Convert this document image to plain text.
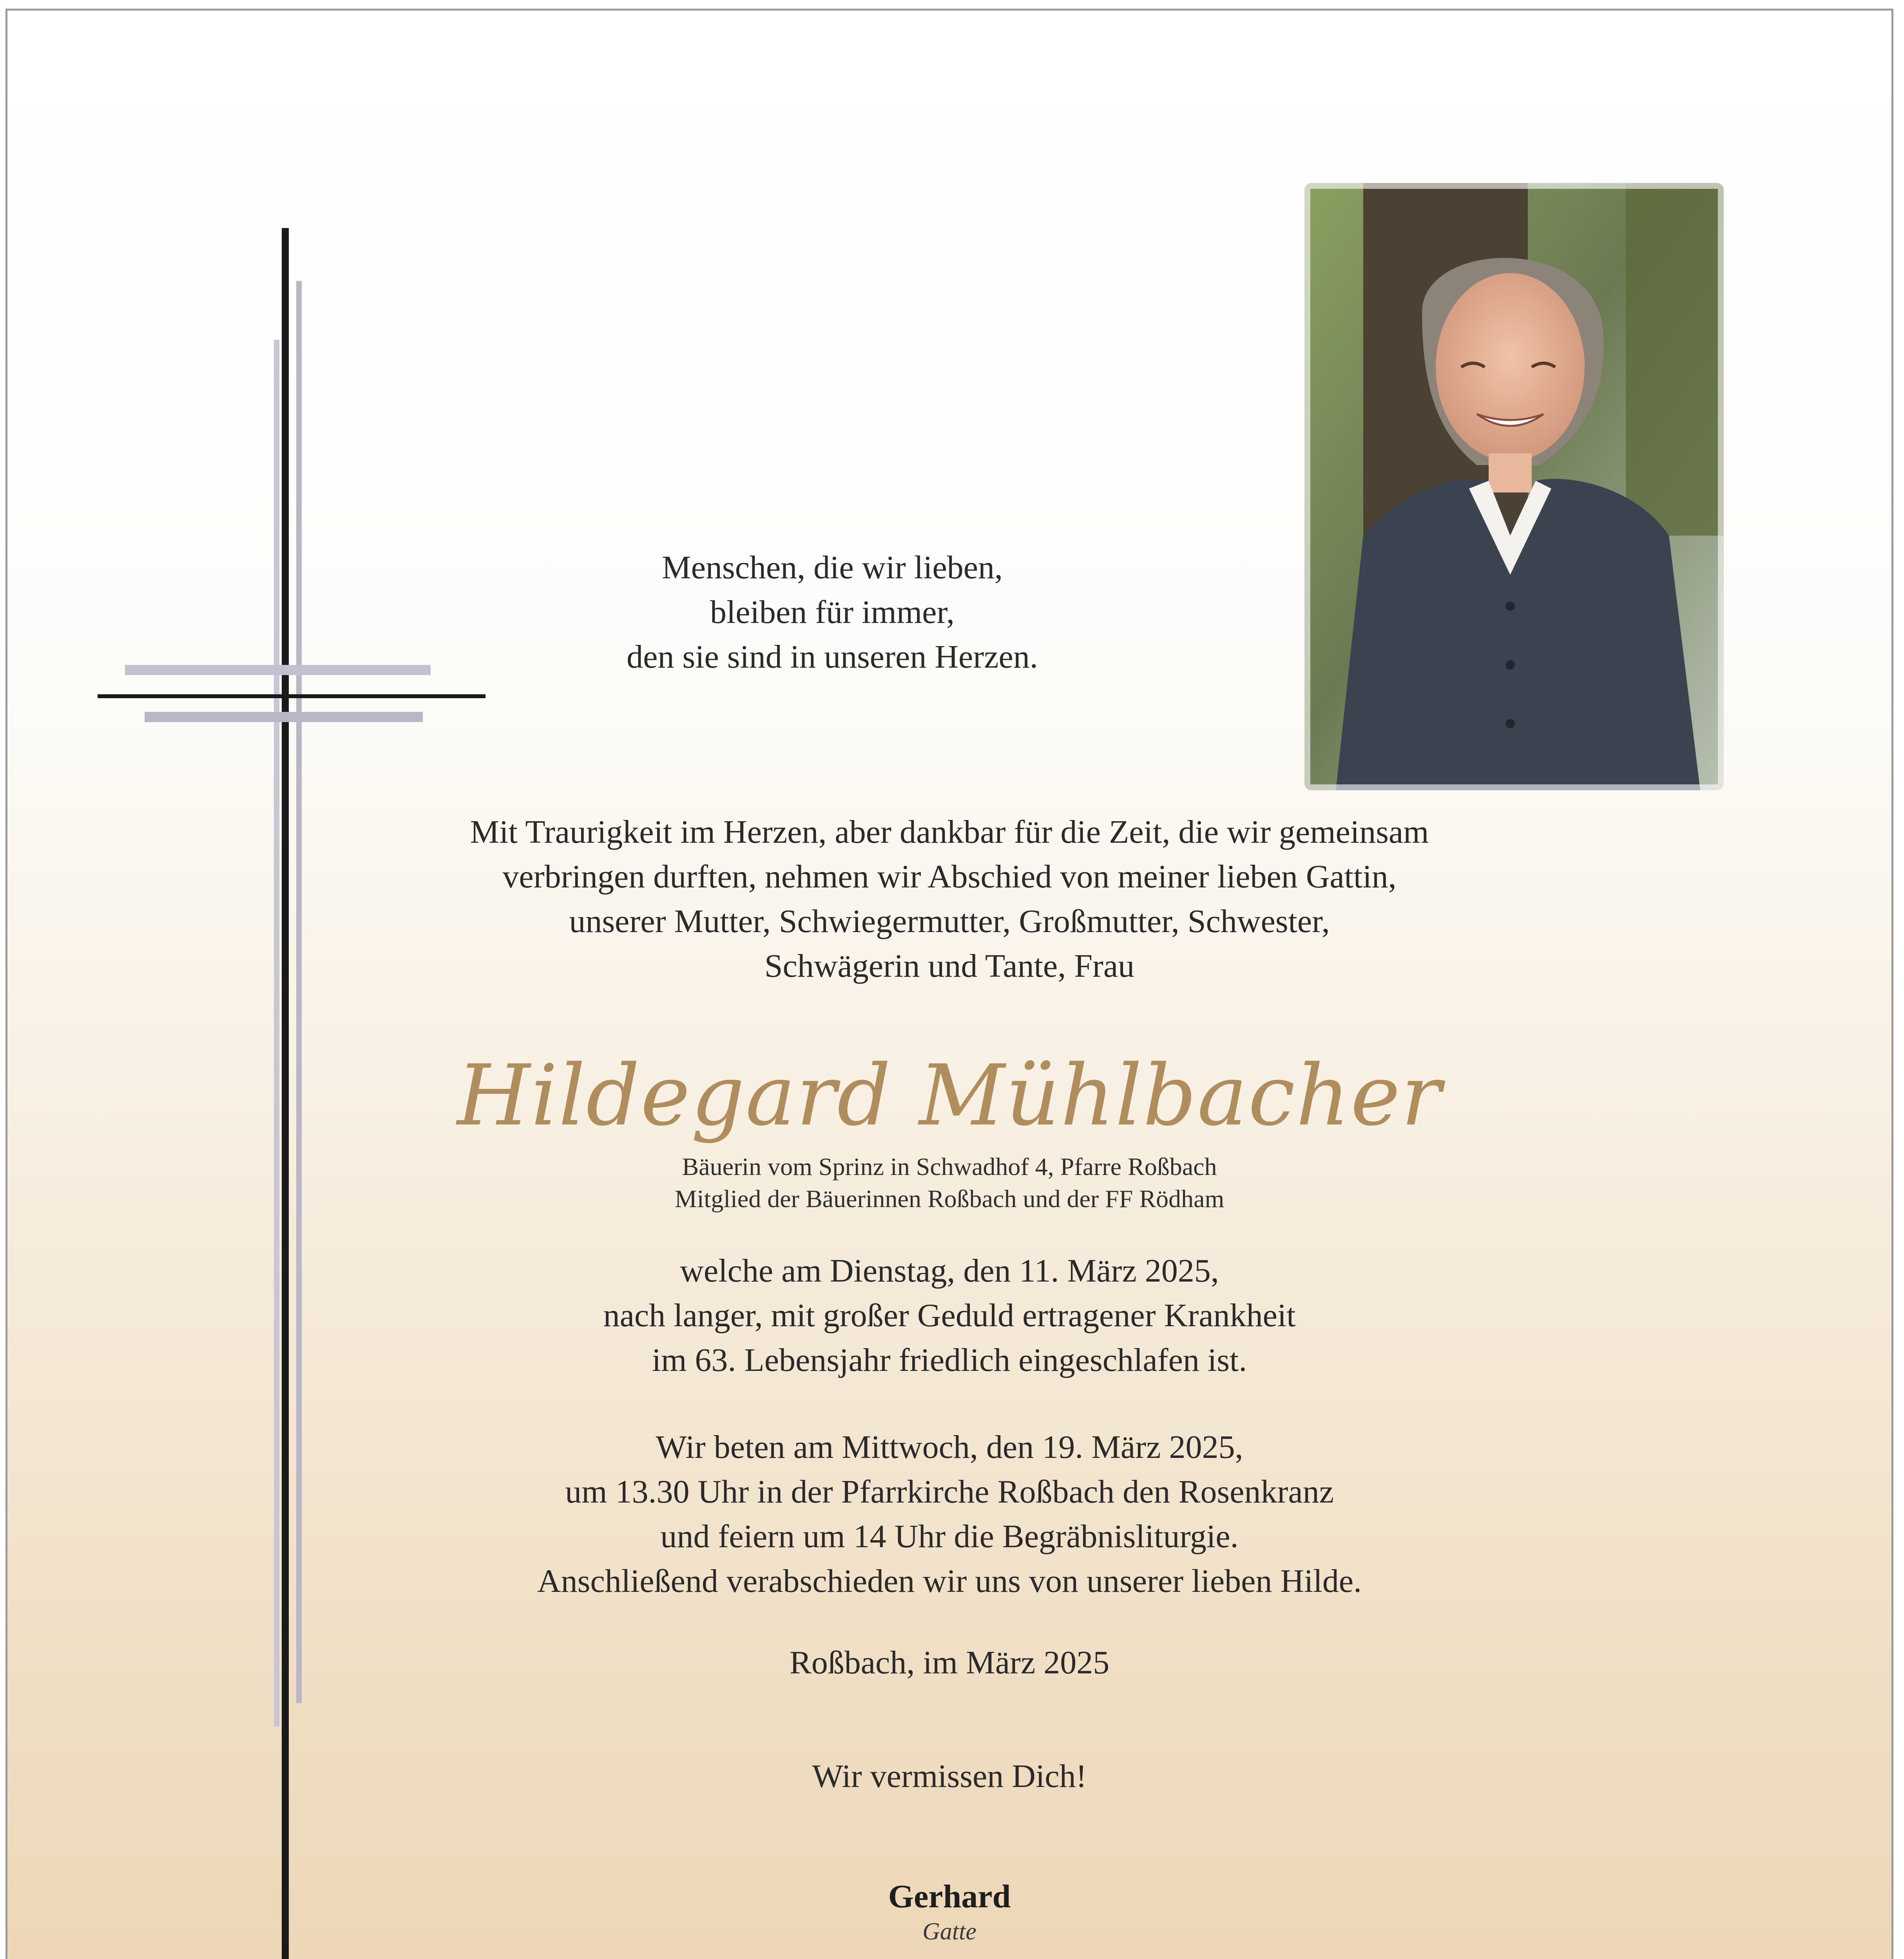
Menschen, die wir lieben,
bleiben für immer,
den sie sind in unseren Herzen.
Mit Traurigkeit im Herzen, aber dankbar für die Zeit, die wir gemeinsam
verbringen durften, nehmen wir Abschied von meiner lieben Gattin,
unserer Mutter, Schwiegermutter, Großmutter, Schwester,
Schwägerin und Tante, Frau
Hildegard Mühlbacher
Bäuerin vom Sprinz in Schwadhof 4, Pfarre Roßbach
Mitglied der Bäuerinnen Roßbach und der FF Rödham
welche am Dienstag, den 11. März 2025,
nach langer, mit großer Geduld ertragener Krankheit
im 63. Lebensjahr friedlich eingeschlafen ist.
Wir beten am Mittwoch, den 19. März 2025,
um 13.30 Uhr in der Pfarrkirche Roßbach den Rosenkranz
und feiern um 14 Uhr die Begräbnisliturgie.
Anschließend verabschieden wir uns von unserer lieben Hilde.
Roßbach, im März 2025
Wir vermissen Dich!
Gerhard
Gatte
